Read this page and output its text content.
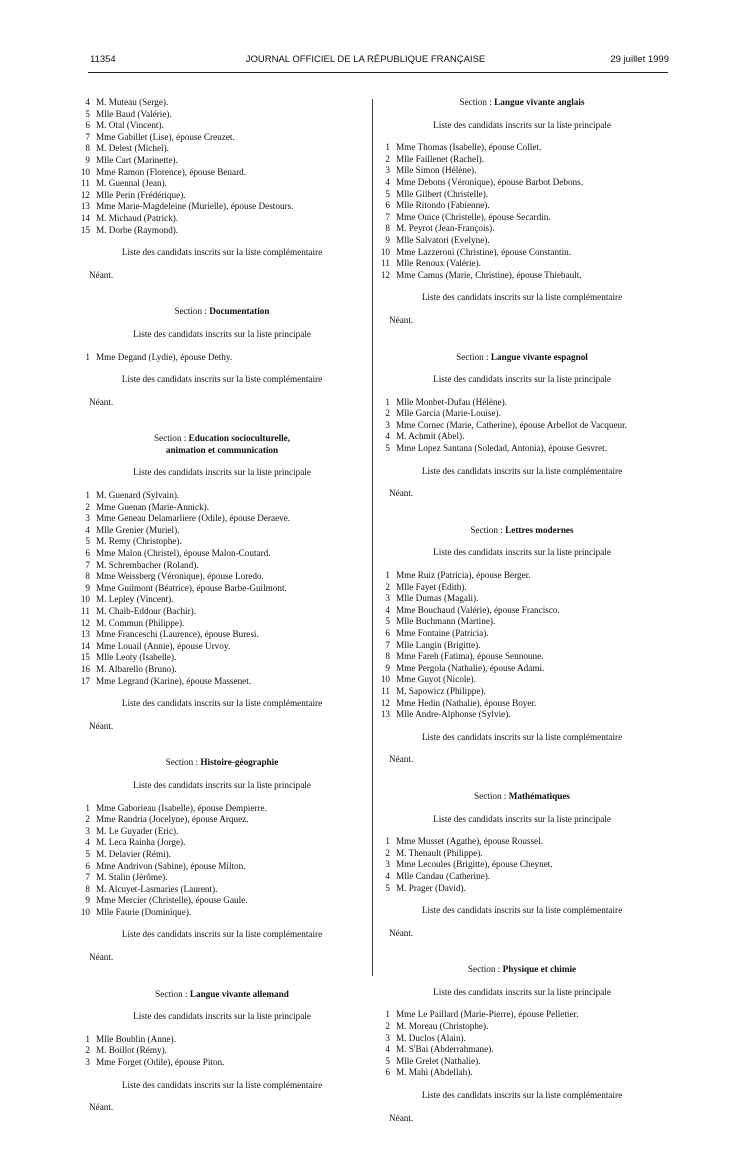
11354	JOURNAL OFFICIEL DE LA RÉPUBLIQUE FRANÇAISE	29 juillet 1999
4 M. Muteau (Serge).
5 Mlle Baud (Valérie).
6 M. Otal (Vincent).
7 Mme Gabillet (Lise), épouse Creuzet.
8 M. Delest (Michel).
9 Mlle Cart (Marinette).
10 Mme Ramon (Florence), épouse Benard.
11 M. Guennal (Jean).
12 Mlle Perin (Frédérique).
13 Mme Marie-Magdeleine (Murielle), épouse Destours.
14 M. Michaud (Patrick).
15 M. Dorbe (Raymond).
Liste des candidats inscrits sur la liste complémentaire
Néant.
Section : Documentation
Liste des candidats inscrits sur la liste principale
1 Mme Degand (Lydie), épouse Dethy.
Liste des candidats inscrits sur la liste complémentaire
Néant.
Section : Education socioculturelle,
animation et communication
Liste des candidats inscrits sur la liste principale
1 M. Guenard (Sylvain).
2 Mme Guenan (Marie-Annick).
3 Mme Geneau Delamarliere (Odile), épouse Deraeve.
4 Mlle Grenier (Muriel).
5 M. Remy (Christophe).
6 Mme Malon (Christel), épouse Malon-Coutard.
7 M. Schrembacher (Roland).
8 Mme Weissberg (Véronique), épouse Loredo.
9 Mme Guilmont (Béatrice), épouse Barbe-Guilmont.
10 M. Lepley (Vincent).
11 M. Chaib-Eddour (Bachir).
12 M. Commun (Philippe).
13 Mme Franceschi (Laurence), épouse Buresi.
14 Mme Louail (Annie), épouse Urvoy.
15 Mlle Leoty (Isabelle).
16 M. Albarello (Bruno).
17 Mme Legrand (Karine), épouse Massenet.
Liste des candidats inscrits sur la liste complémentaire
Néant.
Section : Histoire-géographie
Liste des candidats inscrits sur la liste principale
1 Mme Gaborieau (Isabelle), épouse Dempierre.
2 Mme Randria (Jocelyne), épouse Arquez.
3 M. Le Guyader (Eric).
4 M. Leca Rainha (Jorge).
5 M. Delavier (Rémi).
6 Mme Andrivon (Sabine), épouse Milton.
7 M. Stalin (Jérôme).
8 M. Alcuyet-Lasmaries (Laurent).
9 Mme Mercier (Christelle), épouse Gaule.
10 Mlle Faurie (Dominique).
Liste des candidats inscrits sur la liste complémentaire
Néant.
Section : Langue vivante allemand
Liste des candidats inscrits sur la liste principale
1 Mlle Boublin (Anne).
2 M. Boillot (Rémy).
3 Mme Forget (Odile), épouse Piton.
Liste des candidats inscrits sur la liste complémentaire
Néant.
Section : Langue vivante anglais
Liste des candidats inscrits sur la liste principale
1 Mme Thomas (Isabelle), épouse Collet.
2 Mlle Faillenet (Rachel).
3 Mlle Simon (Hélène).
4 Mme Debons (Véronique), épouse Barbot Debons.
5 Mlle Gilbert (Christelle).
6 Mlle Ritondo (Fabienne).
7 Mme Ouice (Christelle), épouse Secardin.
8 M. Peyrot (Jean-François).
9 Mlle Salvatori (Evelyne).
10 Mme Lazzeroni (Christine), épouse Constantin.
11 Mlle Renoux (Valérie).
12 Mme Camus (Marie, Christine), épouse Thiebault.
Liste des candidats inscrits sur la liste complémentaire
Néant.
Section : Langue vivante espagnol
Liste des candidats inscrits sur la liste principale
1 Mlle Monbet-Dufau (Hélène).
2 Mlle Garcia (Marie-Louise).
3 Mme Cornec (Marie, Catherine), épouse Arbellot de Vacqueur.
4 M. Achmit (Abel).
5 Mme Lopez Santana (Soledad, Antonia), épouse Gesvret.
Liste des candidats inscrits sur la liste complémentaire
Néant.
Section : Lettres modernes
Liste des candidats inscrits sur la liste principale
1 Mme Ruiz (Patricia), épouse Berger.
2 Mlle Fayet (Edith).
3 Mlle Dumas (Magali).
4 Mme Bouchaud (Valérie), épouse Francisco.
5 Mlle Buchmann (Martine).
6 Mme Fontaine (Patricia).
7 Mlle Langin (Brigitte).
8 Mme Fareh (Fatima), épouse Sennoune.
9 Mme Pergola (Nathalie), épouse Adami.
10 Mme Guyot (Nicole).
11 M. Sapowicz (Philippe).
12 Mme Hedin (Nathalie), épouse Boyer.
13 Mlle Andre-Alphonse (Sylvie).
Liste des candidats inscrits sur la liste complémentaire
Néant.
Section : Mathématiques
Liste des candidats inscrits sur la liste principale
1 Mme Musset (Agathe), épouse Roussel.
2 M. Thenault (Philippe).
3 Mme Lecoules (Brigitte), épouse Cheynet.
4 Mlle Candau (Catherine).
5 M. Prager (David).
Liste des candidats inscrits sur la liste complémentaire
Néant.
Section : Physique et chimie
Liste des candidats inscrits sur la liste principale
1 Mme Le Paillard (Marie-Pierre), épouse Pelletier.
2 M. Moreau (Christophe).
3 M. Duclos (Alain).
4 M. S'Bai (Abderrahmane).
5 Mlle Grelet (Nathalie).
6 M. Mahi (Abdellah).
Liste des candidats inscrits sur la liste complémentaire
Néant.
